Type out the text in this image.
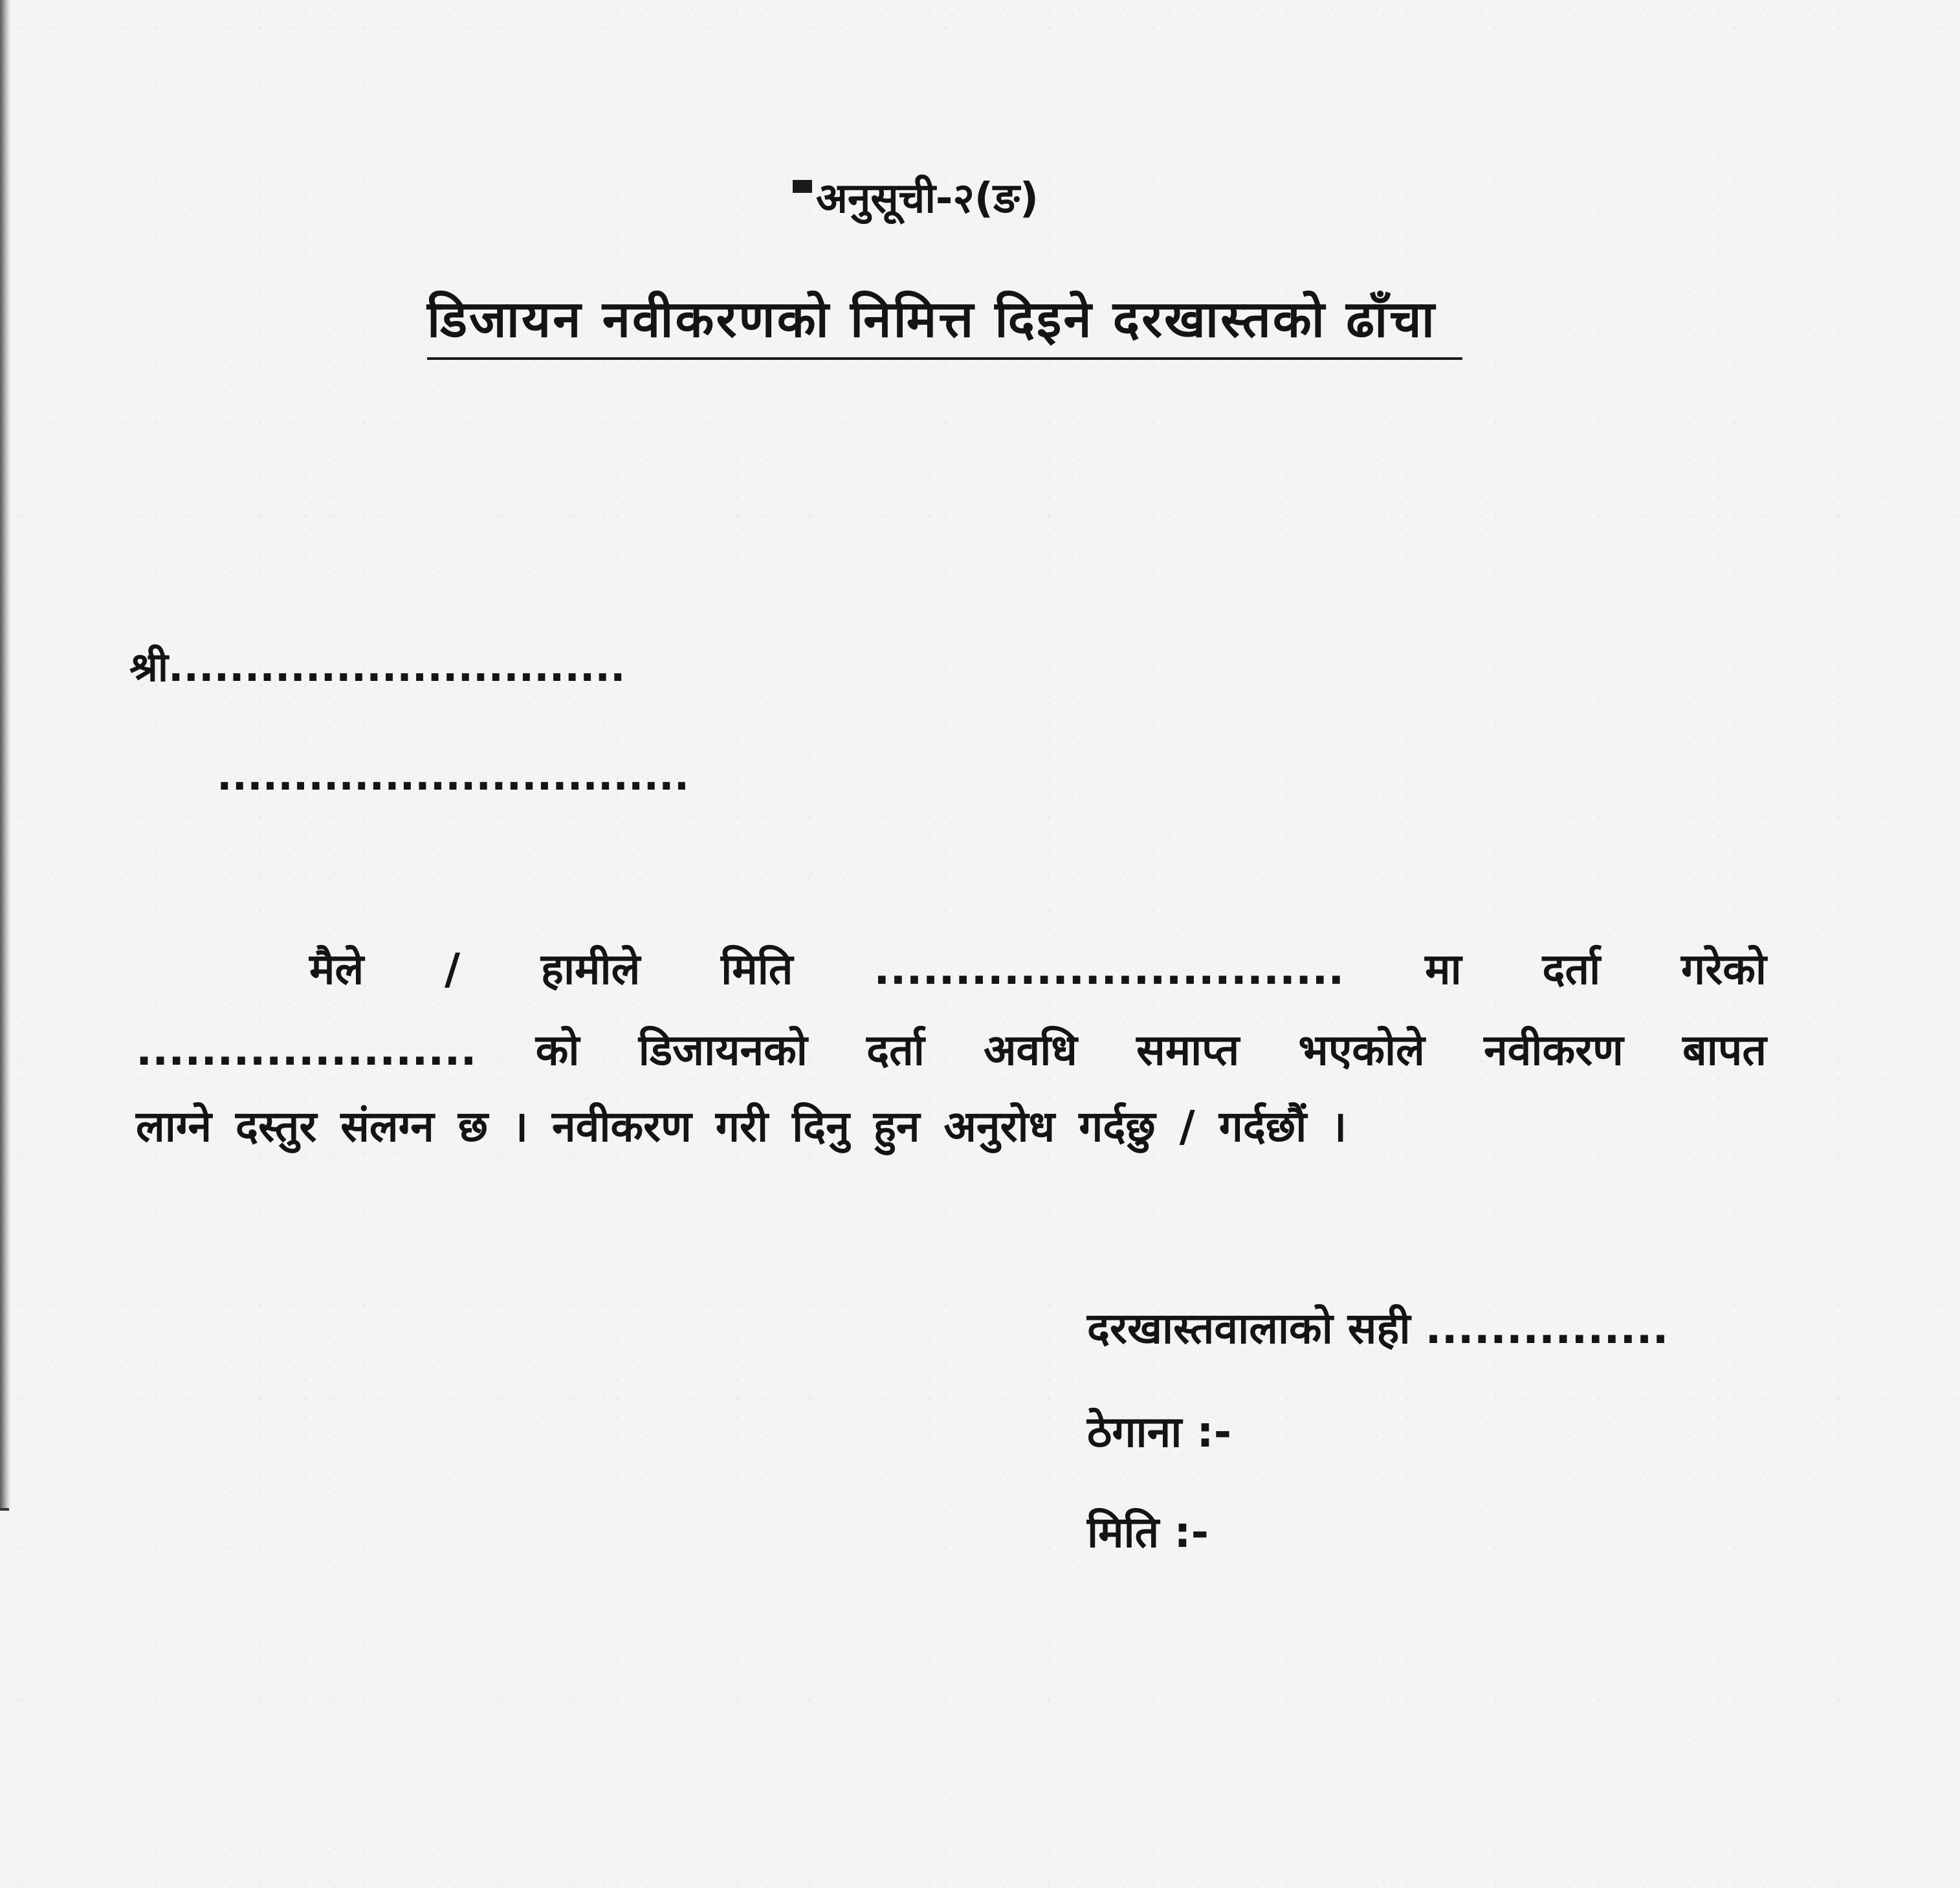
अनुसूची-२(ङ)
डिजायन नवीकरणको निमित्त दिइने दरखास्तको ढाँचा
श्री..............................
...............................
मैले / हामीले मिति ............................. मा दर्ता गरेको
..................... को डिजायनको दर्ता अवधि समाप्त भएकोले नवीकरण बापत
लाग्ने दस्तुर संलग्न छ । नवीकरण गरी दिनु हुन अनुरोध गर्दछु / गर्दछौं ।
दरखास्तवालाको सही ...............
ठेगाना :-
मिति :-
